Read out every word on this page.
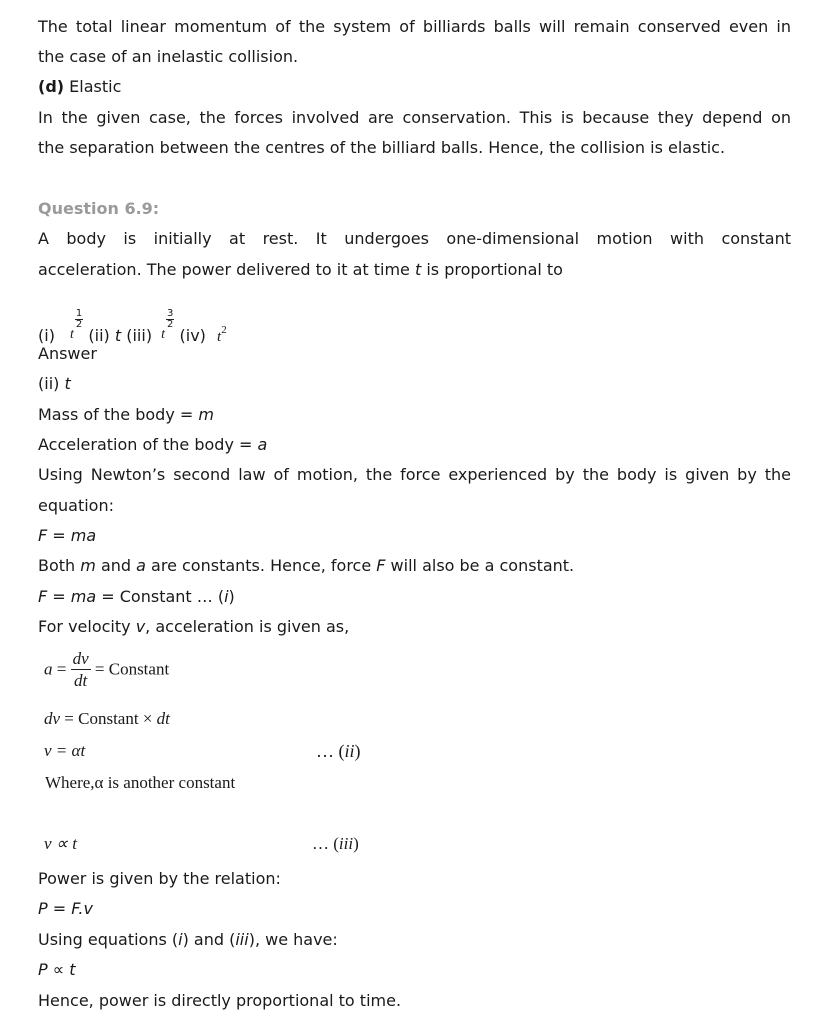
The total linear momentum of the system of billiards balls will remain conserved even in
the case of an inelastic collision.
(d) Elastic
In the given case, the forces involved are conservation. This is because they depend on
the separation between the centres of the billiard balls. Hence, the collision is elastic.
Question 6.9:
A body is initially at rest. It undergoes one-dimensional motion with constant
acceleration. The power delivered to it at time t is proportional to
(i) t
$\frac{1}{2}$
(ii) t (iii) t
$\frac{3}{2}$
(iv) $t^2$
Answer
(ii) t
Mass of the body = m
Acceleration of the body = a
Using Newton’s second law of motion, the force experienced by the body is given by the
equation:
F = ma
Both m and a are constants. Hence, force F will also be a constant.
F = ma = Constant … (i)
For velocity v, acceleration is given as,
$a = \frac{dv}{dt}$ = Constant
dv = Constant × dt
v = αt	… (ii)
Where,α is another constant
v ∝ t	… (iii)
Power is given by the relation:
P = F.v
Using equations (i) and (iii), we have:
P ∝ t
Hence, power is directly proportional to time.
